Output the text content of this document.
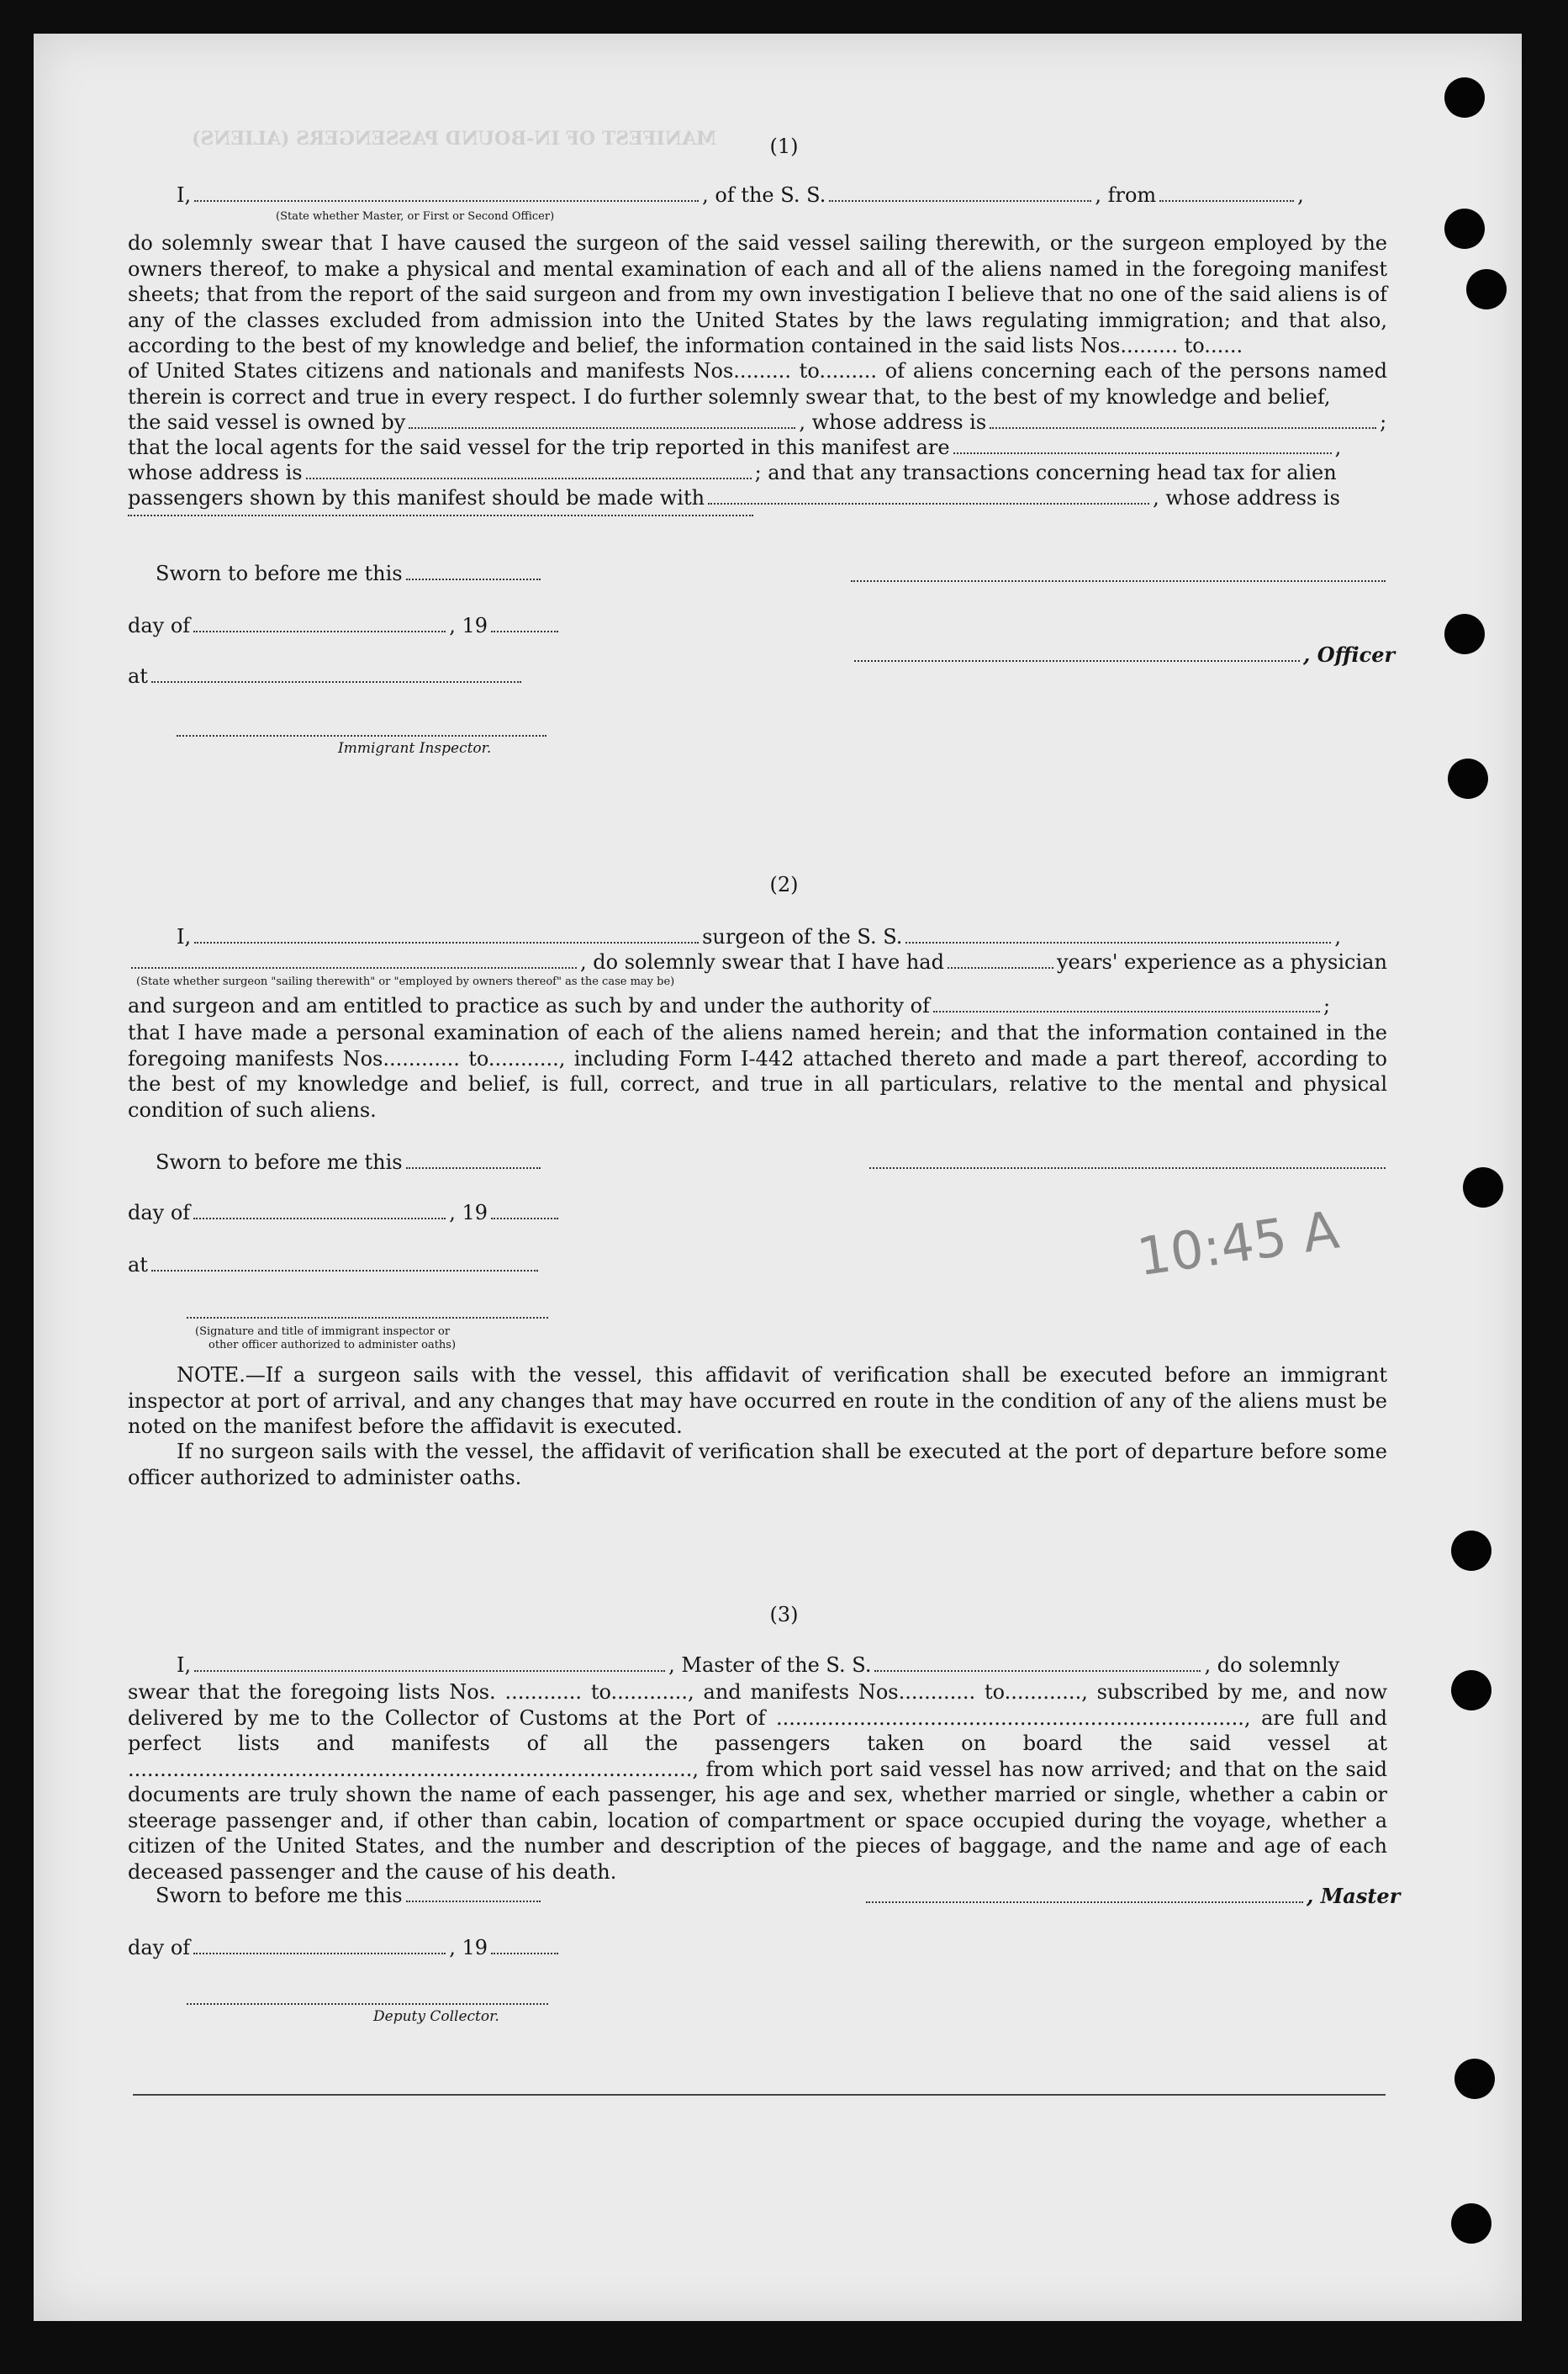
MANIFEST OF IN-BOUND PASSENGERS (ALIENS)	(1)
I,	, of the S. S.	, from	,
(State whether Master, or First or Second Officer)
do solemnly swear that I have caused the surgeon of the said vessel sailing therewith, or the surgeon employed by the owners thereof, to make a physical and mental examination of each and all of the aliens named in the foregoing manifest sheets; that from the report of the said surgeon and from my own investigation I believe that no one of the said aliens is of any of the classes excluded from admission into the United States by the laws regulating immigration; and that also, according to the best of my knowledge and belief, the information contained in the said lists Nos......... to......
of United States citizens and nationals and manifests Nos......... to......... of aliens concerning each of the persons named therein is correct and true in every respect. I do further solemnly swear that, to the best of my knowledge and belief,
the said vessel is owned by	, whose address is	;
that the local agents for the said vessel for the trip reported in this manifest are	,
whose address is	; and that any transactions concerning head tax for alien
passengers shown by this manifest should be made with	, whose address is
Sworn to before me this
day of	, 19
, Officer
at
Immigrant Inspector.
(2)
I,	surgeon of the S. S.	,
, do solemnly swear that I have had	years' experience as a physician
(State whether surgeon "sailing therewith" or "employed by owners thereof" as the case may be)
and surgeon and am entitled to practice as such by and under the authority of	;
that I have made a personal examination of each of the aliens named herein; and that the information contained in the foregoing manifests Nos............ to..........., including Form I-442 attached thereto and made a part thereof, according to the best of my knowledge and belief, is full, correct, and true in all particulars, relative to the mental and physical condition of such aliens.
Sworn to before me this
day of	, 19
at
(Signature and title of immigrant inspector or
other officer authorized to administer oaths)
NOTE.—If a surgeon sails with the vessel, this affidavit of verification shall be executed before an immigrant inspector at port of arrival, and any changes that may have occurred en route in the condition of any of the aliens must be noted on the manifest before the affidavit is executed.
If no surgeon sails with the vessel, the affidavit of verification shall be executed at the port of departure before some officer authorized to administer oaths.
10:45 A
(3)
I,	, Master of the S. S.	, do solemnly
swear that the foregoing lists Nos. ............ to............, and manifests Nos............ to............, subscribed by me, and now delivered by me to the Collector of Customs at the Port of ........................................................................., are full and perfect lists and manifests of all the passengers taken on board the said vessel at ........................................................................................, from which port said vessel has now arrived; and that on the said documents are truly shown the name of each passenger, his age and sex, whether married or single, whether a cabin or steerage passenger and, if other than cabin, location of compartment or space occupied during the voyage, whether a citizen of the United States, and the number and description of the pieces of baggage, and the name and age of each deceased passenger and the cause of his death.
Sworn to before me this	, Master
day of	, 19
Deputy Collector.
